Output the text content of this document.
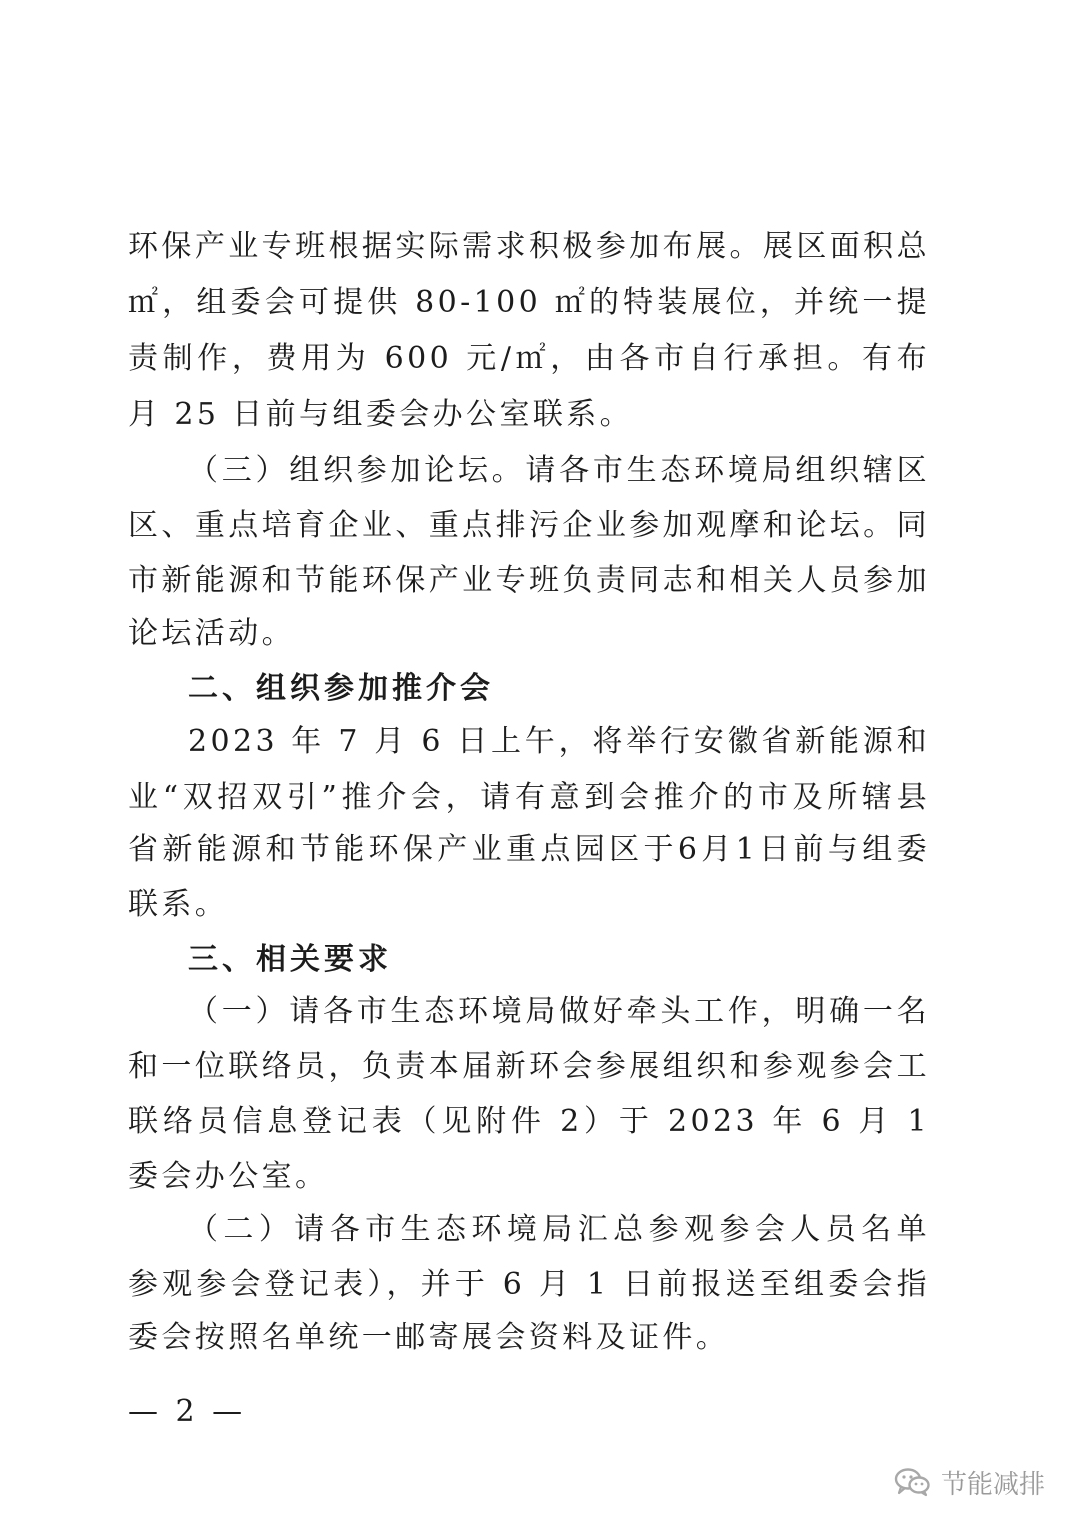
环保产业专班根据实际需求积极参加布展。展区面积总
㎡，组委会可提供 80-100 ㎡的特装展位，并统一提
责制作，费用为 600 元/㎡，由各市自行承担。有布
月 25 日前与组委会办公室联系。
（三）组织参加论坛。请各市生态环境局组织辖区
区、重点培育企业、重点排污企业参加观摩和论坛。同
市新能源和节能环保产业专班负责同志和相关人员参加
论坛活动。
二、组织参加推介会
2023 年 7 月 6 日上午，将举行安徽省新能源和
业“双招双引”推介会，请有意到会推介的市及所辖县
省新能源和节能环保产业重点园区于6月1日前与组委
联系。
三、相关要求
（一）请各市生态环境局做好牵头工作，明确一名
和一位联络员，负责本届新环会参展组织和参观参会工
联络员信息登记表（见附件 2）于 2023 年 6 月 1
委会办公室。
（二）请各市生态环境局汇总参观参会人员名单
参观参会登记表），并于 6 月 1 日前报送至组委会指
委会按照名单统一邮寄展会资料及证件。
— 2 —
节能减排
